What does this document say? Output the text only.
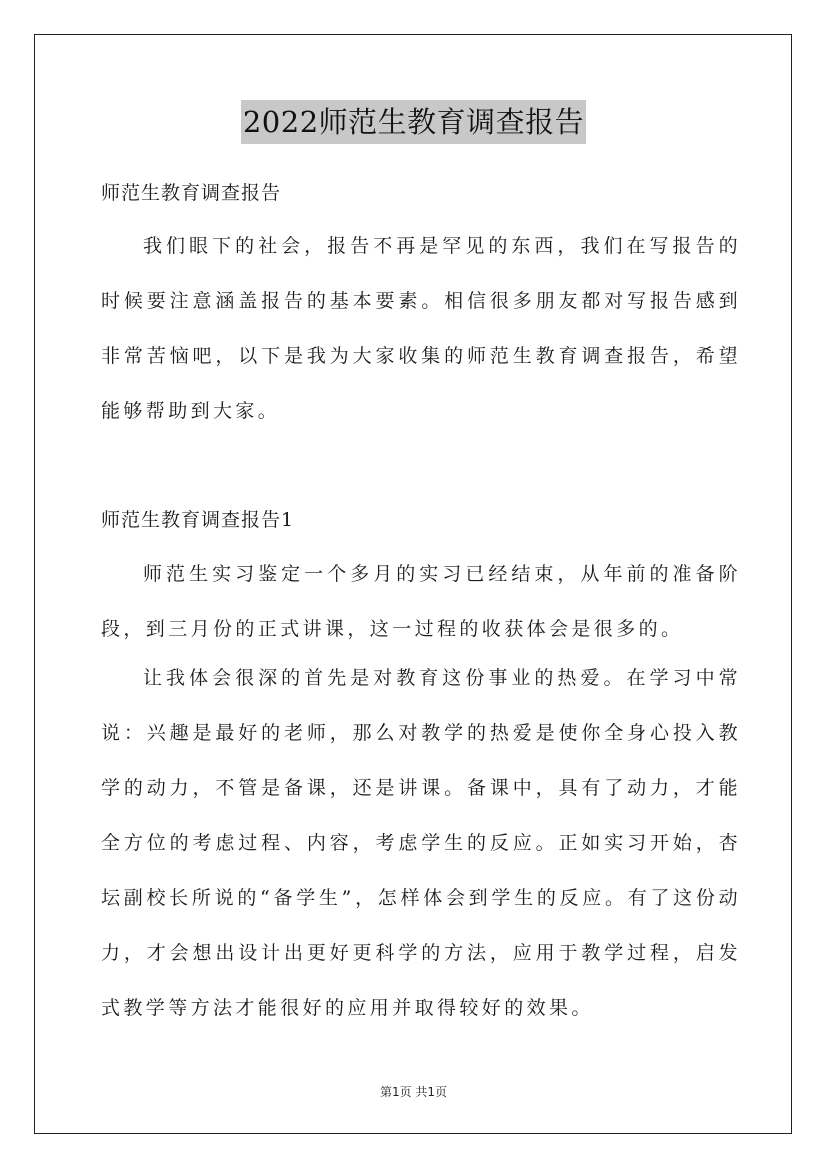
2022师范生教育调查报告

师范生教育调查报告

我们眼下的社会，报告不再是罕见的东西，我们在写报告的时候要注意涵盖报告的基本要素。相信很多朋友都对写报告感到非常苦恼吧，以下是我为大家收集的师范生教育调查报告，希望能够帮助到大家。

师范生教育调查报告1

师范生实习鉴定一个多月的实习已经结束，从年前的准备阶段，到三月份的正式讲课，这一过程的收获体会是很多的。

让我体会很深的首先是对教育这份事业的热爱。在学习中常说：兴趣是最好的老师，那么对教学的热爱是使你全身心投入教学的动力，不管是备课，还是讲课。备课中，具有了动力，才能全方位的考虑过程、内容，考虑学生的反应。正如实习开始，杏坛副校长所说的“备学生”，怎样体会到学生的反应。有了这份动力，才会想出设计出更好更科学的方法，应用于教学过程，启发式教学等方法才能很好的应用并取得较好的效果。

第1页 共1页
